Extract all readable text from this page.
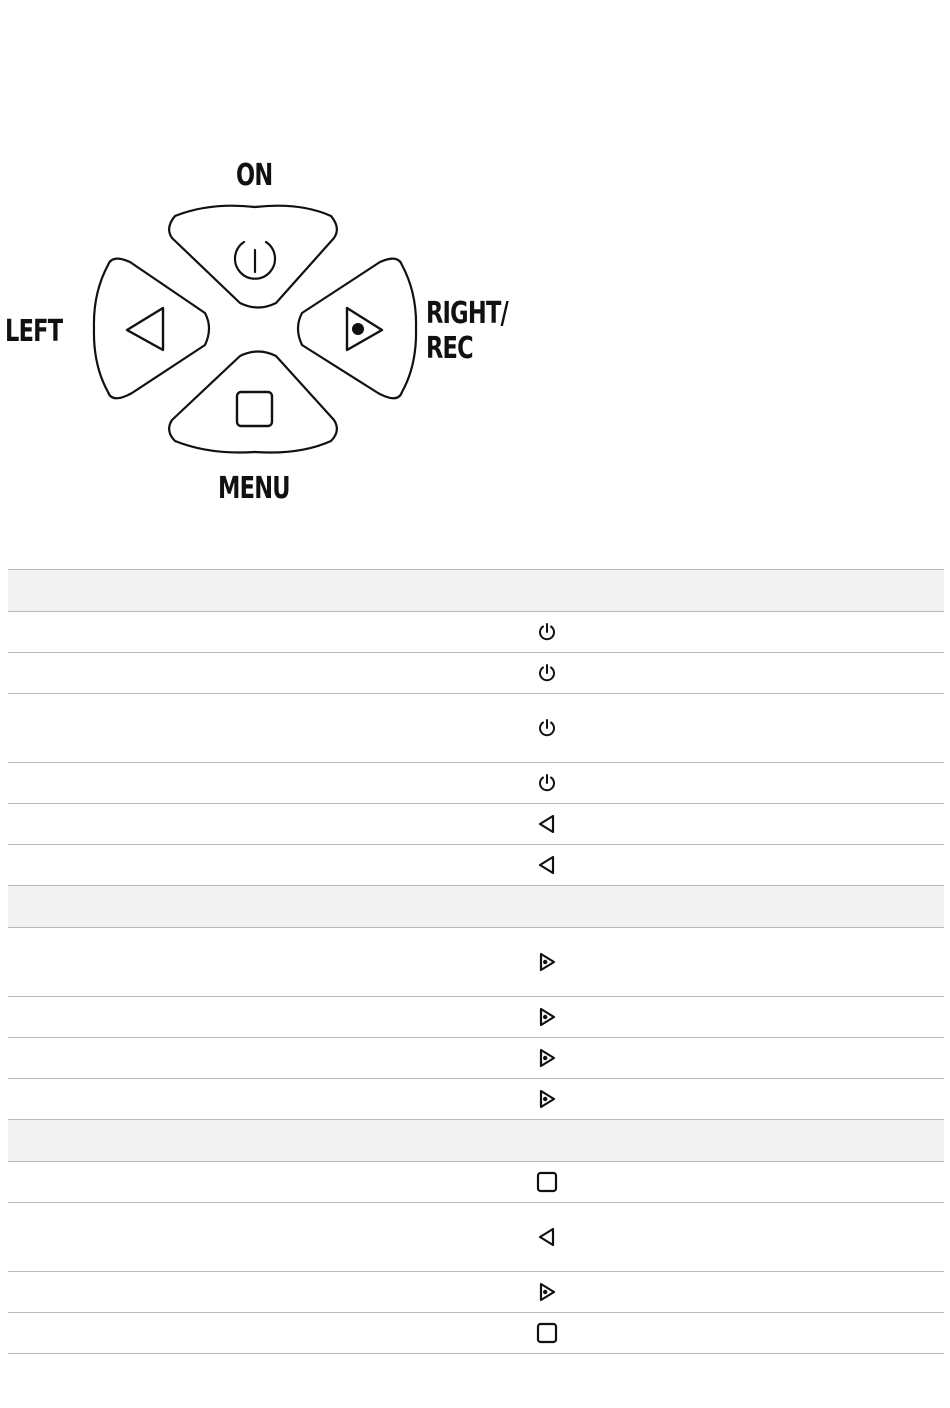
ON
LEFT
RIGHT/
REC
MENU
